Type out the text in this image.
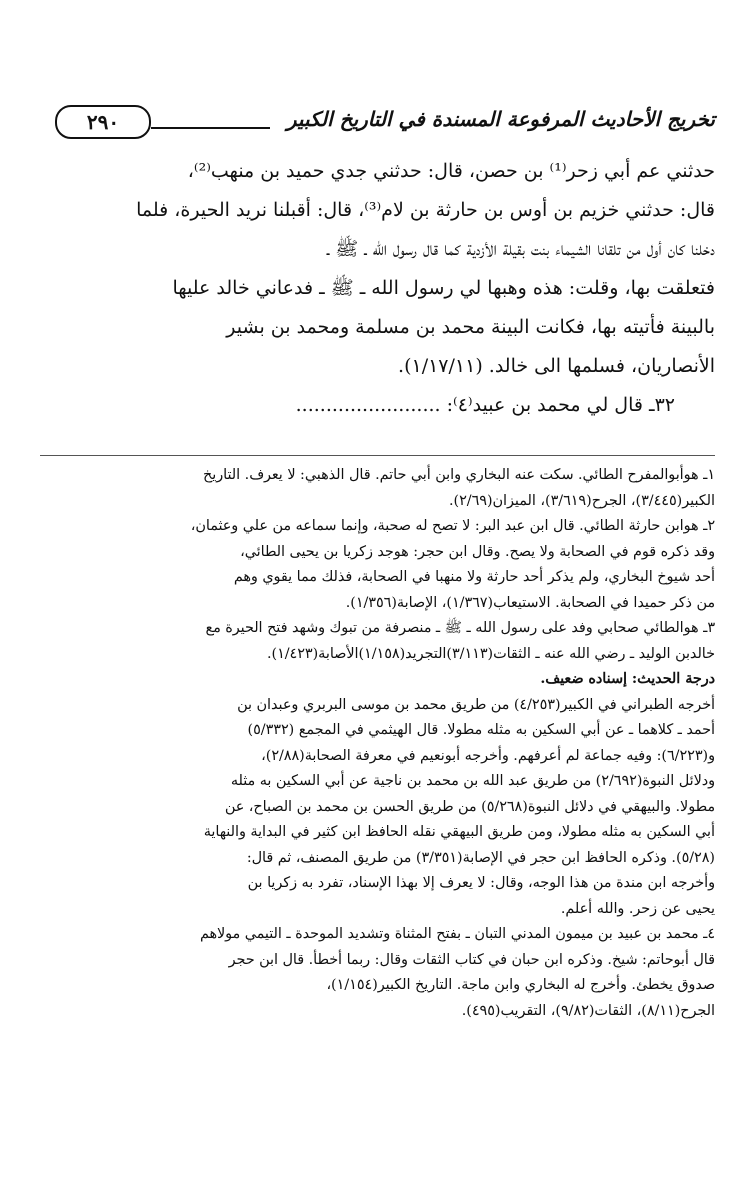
تخريج الأحاديث المرفوعة المسندة في التاريخ الكبير
٢٩٠

حدثني عم أبي زحر⁽¹⁾ بن حصن، قال: حدثني جدي حميد بن منهب⁽²⁾،

قال: حدثني خزيم بن أوس بن حارثة بن لام⁽³⁾، قال: أقبلنا نريد الحيرة، فلما

دخلنا كان أول من تلقانا الشيماء بنت بقيلة الأزدية كما قال رسول الله ـ ﷺ ـ

فتعلقت بها، وقلت: هذه وهبها لي رسول الله ـ ﷺ ـ فدعاني خالد عليها

بالبينة فأتيته بها، فكانت البينة محمد بن مسلمة ومحمد بن بشير

الأنصاريان، فسلمها الى خالد. (١/١٧/١١).

٣٢ـ قال لي محمد بن عبيد⁽٤⁾: ........................

١ـ هوأبوالمفرح الطائي. سكت عنه البخاري وابن أبي حاتم. قال الذهبي: لا يعرف. التاريخ

الكبير(٣/٤٤٥)، الجرح(٣/٦١٩)، الميزان(٢/٦٩).

٢ـ هوابن حارثة الطائي. قال ابن عبد البر: لا تصح له صحبة، وإنما سماعه من علي وعثمان،

وقد ذكره قوم في الصحابة ولا يصح. وقال ابن حجر: هوجد زكريا بن يحيى الطائي،

أحد شيوخ البخاري، ولم يذكر أحد حارثة ولا منهبا في الصحابة، فذلك مما يقوي وهم

من ذكر حميدا في الصحابة. الاستيعاب(١/٣٦٧)، الإصابة(١/٣٥٦).

٣ـ هوالطائي صحابي وفد على رسول الله ـ ﷺ ـ منصرفة من تبوك وشهد فتح الحيرة مع

خالدبن الوليد ـ رضي الله عنه ـ الثقات(٣/١١٣)التجريد(١/١٥٨)الأصابة(١/٤٢٣).

درجة الحديث: إسناده ضعيف.

أخرجه الطبراني في الكبير(٤/٢٥٣) من طريق محمد بن موسى البربري وعبدان بن

أحمد ـ كلاهما ـ عن أبي السكين به مثله مطولا. قال الهيثمي في المجمع (٥/٣٣٢)

و(٦/٢٢٣): وفيه جماعة لم أعرفهم. وأخرجه أبونعيم في معرفة الصحابة(٢/٨٨)،

ودلائل النبوة(٢/٦٩٢) من طريق عبد الله بن محمد بن ناجية عن أبي السكين به مثله

مطولا. والبيهقي في دلائل النبوة(٥/٢٦٨) من طريق الحسن بن محمد بن الصباح، عن

أبي السكين به مثله مطولا، ومن طريق البيهقي نقله الحافظ ابن كثير في البداية والنهاية

(٥/٢٨). وذكره الحافظ ابن حجر في الإصابة(٣/٣٥١) من طريق المصنف، ثم قال:

وأخرجه ابن مندة من هذا الوجه، وقال: لا يعرف إلا بهذا الإسناد، تفرد به زكريا بن

يحيى عن زحر. والله أعلم.

٤ـ محمد بن عبيد بن ميمون المدني التبان ـ بفتح المثناة وتشديد الموحدة ـ التيمي مولاهم

قال أبوحاتم: شيخ. وذكره ابن حبان في كتاب الثقات وقال: ربما أخطأ. قال ابن حجر

صدوق يخطئ. وأخرج له البخاري وابن ماجة. التاريخ الكبير(١/١٥٤)،

الجرح(٨/١١)، الثقات(٩/٨٢)، التقريب(٤٩٥).
